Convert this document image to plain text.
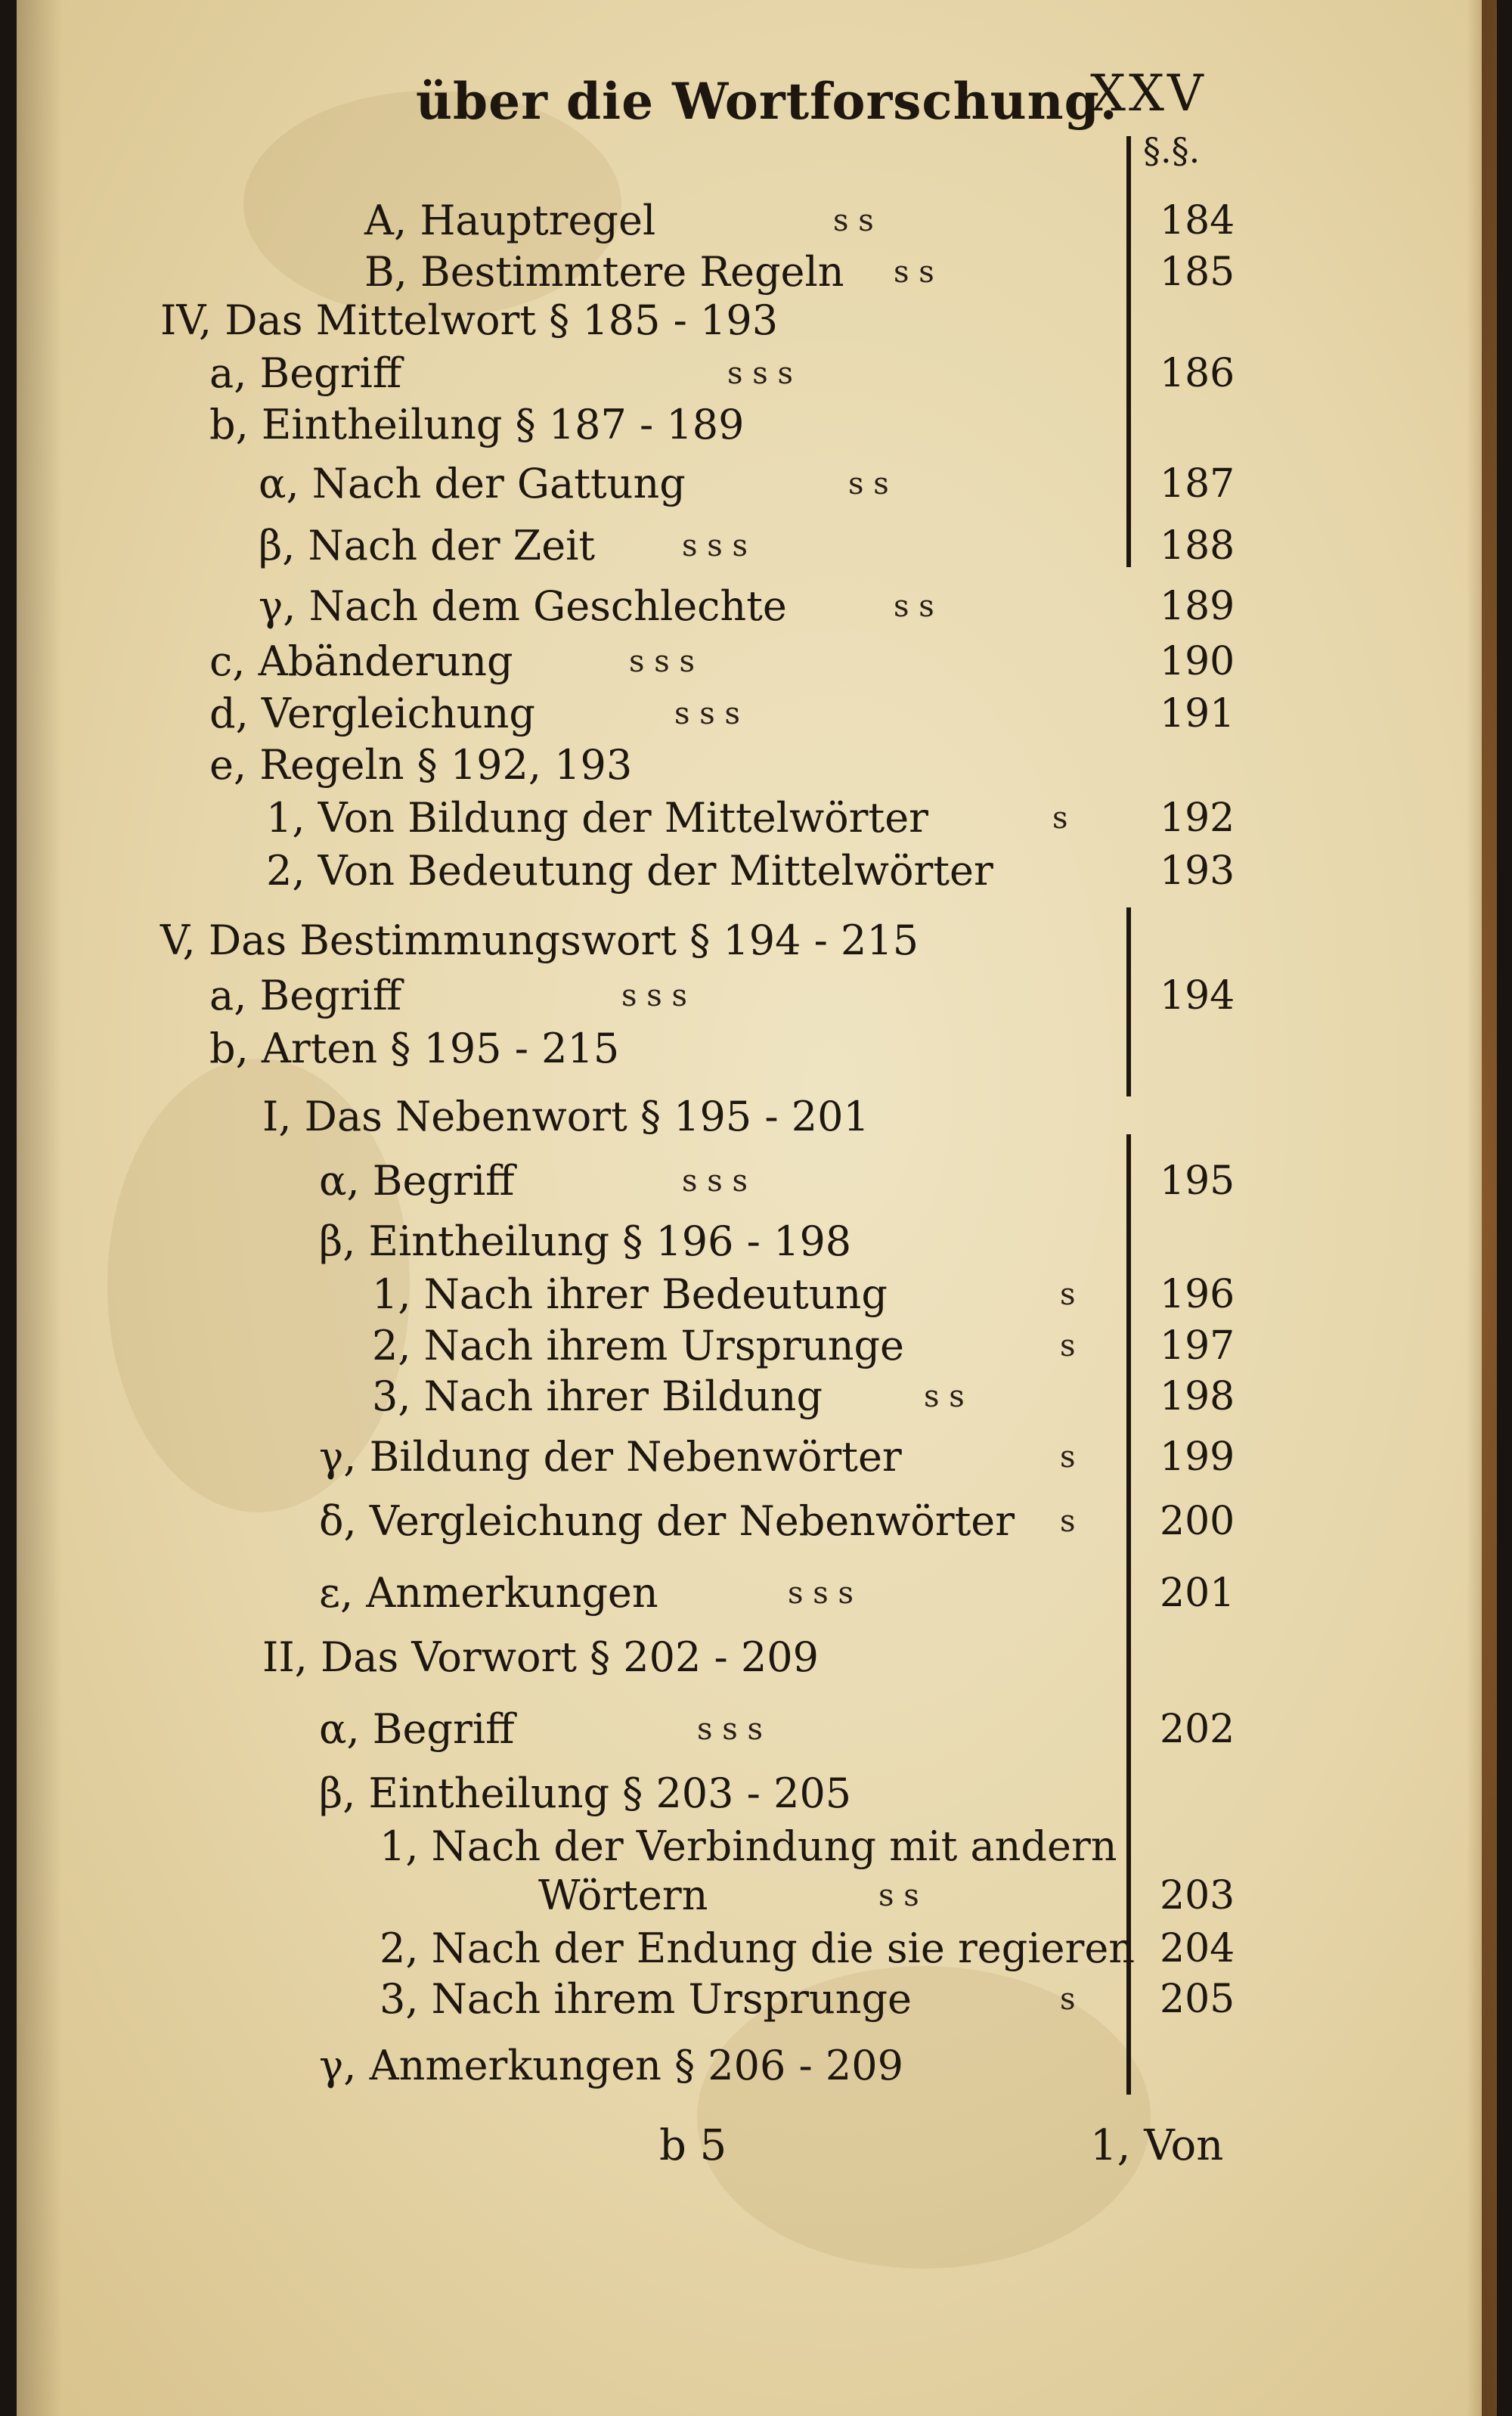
über die Wortforschung.
XXV
§.§.
A, Hauptregel	s s	184
B, Bestimmtere Regeln s s	185
IV, Das Mittelwort § 185 - 193
a, Begriff	s s s	186
b, Eintheilung § 187 - 189
α, Nach der Gattung	s s	187
β, Nach der Zeit	s s s	188
γ, Nach dem Geschlechte	s s	189
c, Abänderung	s s s	190
d, Vergleichung	s s s	191
e, Regeln § 192, 193
1, Von Bildung der Mittelwörter	s 192
2, Von Bedeutung der Mittelwörter	193
V, Das Bestimmungswort § 194 - 215
a, Begriff	s s s	194
b, Arten § 195 - 215
I, Das Nebenwort § 195 - 201
α, Begriff	s s s	195
β, Eintheilung § 196 - 198
1, Nach ihrer Bedeutung	s 196
2, Nach ihrem Ursprunge	s 197
3, Nach ihrer Bildung	s s	198
γ, Bildung der Nebenwörter	s 199
δ, Vergleichung der Nebenwörter s 200
ε, Anmerkungen	s s s	201
II, Das Vorwort § 202 - 209
α, Begriff	s s s	202
β, Eintheilung § 203 - 205
1, Nach der Verbindung mit andern
Wörtern	s s	203
2, Nach der Endung die sie regieren 204
3, Nach ihrem Ursprunge	s 205
γ, Anmerkungen § 206 - 209
b 5	1, Von
